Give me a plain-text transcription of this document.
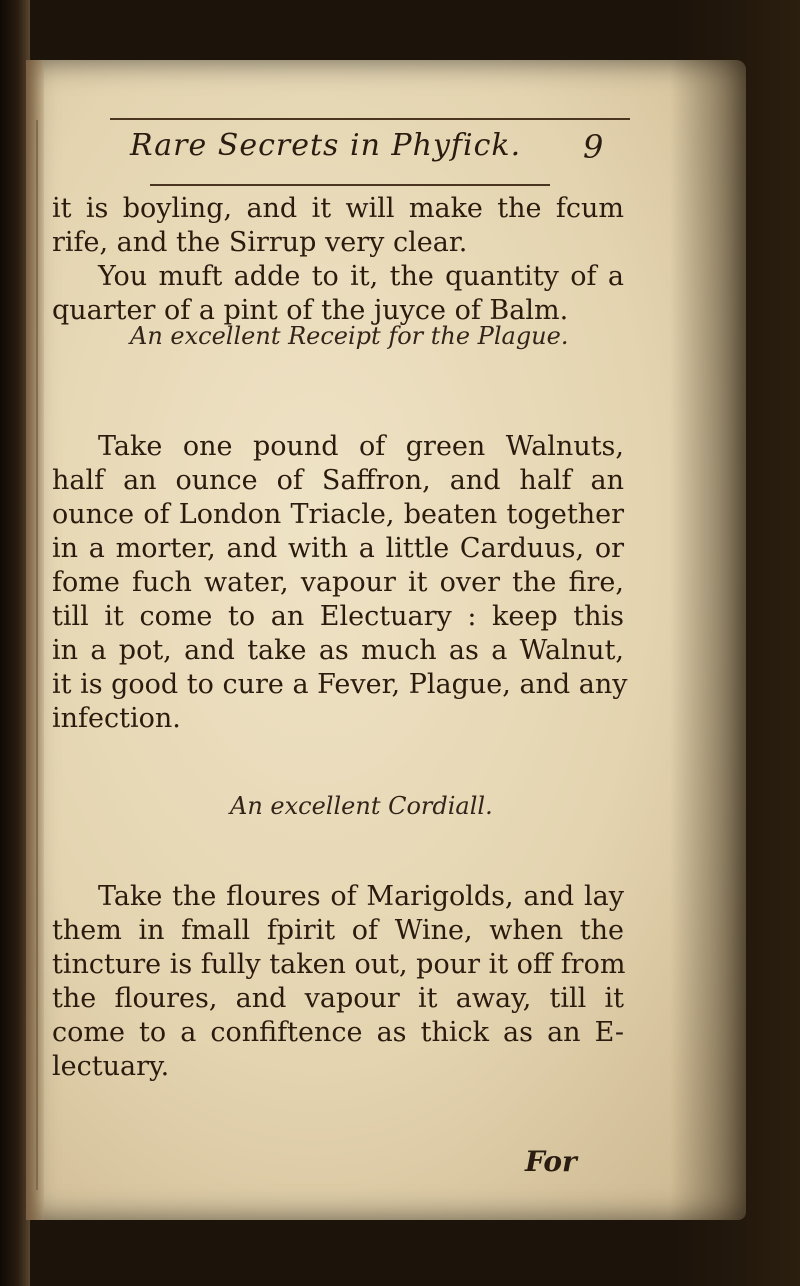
Rare Secrets in Phyfick.	9
it is boyling, and it will make the fcum
rife, and the Sirrup very clear.
You muft adde to it, the quantity of a
quarter of a pint of the juyce of Balm.
An excellent Receipt for the Plague.
Take one pound of green Walnuts,
half an ounce of Saffron, and half an
ounce of London Triacle, beaten together
in a morter, and with a little Carduus, or
fome fuch water, vapour it over the fire,
till it come to an Electuary : keep this
in a pot, and take as much as a Walnut,
it is good to cure a Fever, Plague, and any
infection.
An excellent Cordiall.
Take the floures of Marigolds, and lay
them in fmall fpirit of Wine, when the
tincture is fully taken out, pour it off from
the floures, and vapour it away, till it
come to a confiftence as thick as an E-
lectuary.
For
